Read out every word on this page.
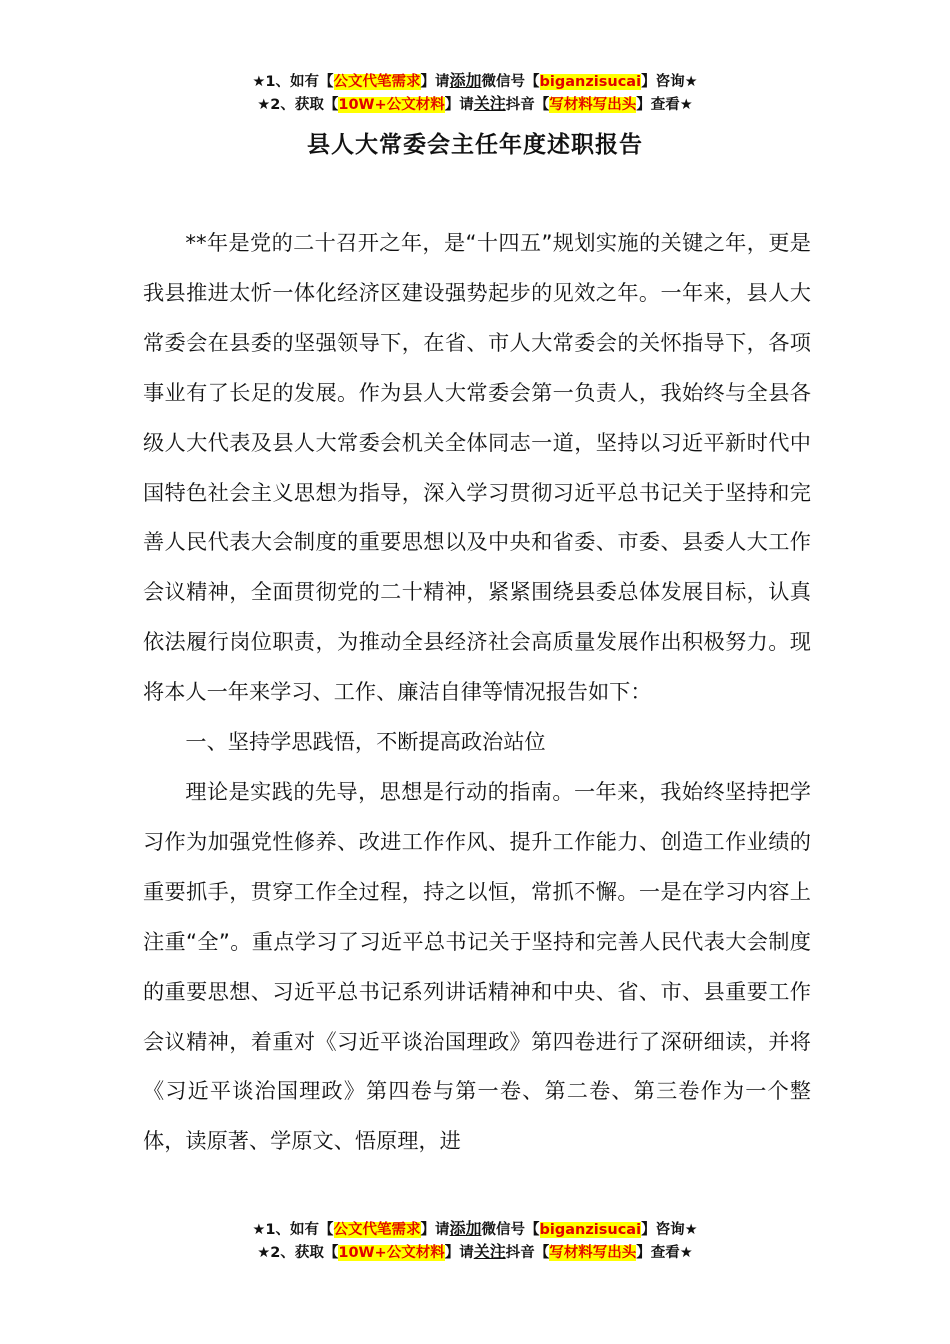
★1、如有【公文代笔需求】请添加微信号【biganzisucai】咨询★
★2、获取【10W+公文材料】请关注抖音【写材料写出头】查看★
县人大常委会主任年度述职报告

**年是党的二十召开之年，是“十四五”规划实施的关键之年，更是我县推进太忻一体化经济区建设强势起步的见效之年。一年来，县人大常委会在县委的坚强领导下，在省、市人大常委会的关怀指导下，各项事业有了长足的发展。作为县人大常委会第一负责人，我始终与全县各级人大代表及县人大常委会机关全体同志一道，坚持以习近平新时代中国特色社会主义思想为指导，深入学习贯彻习近平总书记关于坚持和完善人民代表大会制度的重要思想以及中央和省委、市委、县委人大工作会议精神，全面贯彻党的二十精神，紧紧围绕县委总体发展目标，认真依法履行岗位职责，为推动全县经济社会高质量发展作出积极努力。现将本人一年来学习、工作、廉洁自律等情况报告如下：

一、坚持学思践悟，不断提高政治站位

理论是实践的先导，思想是行动的指南。一年来，我始终坚持把学习作为加强党性修养、改进工作作风、提升工作能力、创造工作业绩的重要抓手，贯穿工作全过程，持之以恒，常抓不懈。一是在学习内容上注重“全”。重点学习了习近平总书记关于坚持和完善人民代表大会制度的重要思想、习近平总书记系列讲话精神和中央、省、市、县重要工作会议精神，着重对《习近平谈治国理政》第四卷进行了深研细读，并将《习近平谈治国理政》第四卷与第一卷、第二卷、第三卷作为一个整体，读原著、学原文、悟原理，进

★1、如有【公文代笔需求】请添加微信号【biganzisucai】咨询★
★2、获取【10W+公文材料】请关注抖音【写材料写出头】查看★
